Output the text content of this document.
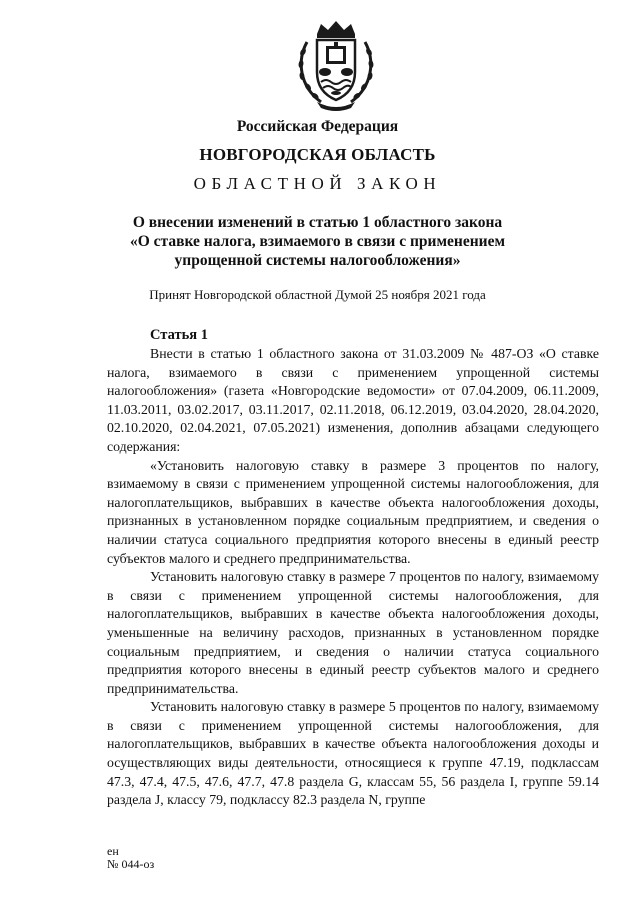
Российская Федерация
НОВГОРОДСКАЯ ОБЛАСТЬ
ОБЛАСТНОЙ ЗАКОН
О внесении изменений в статью 1 областного закона
«О ставке налога, взимаемого в связи с применением
упрощенной системы налогообложения»
Принят Новгородской областной Думой 25 ноября 2021 года
Статья 1

Внести в статью 1 областного закона от 31.03.2009 № 487-ОЗ «О ставке налога, взимаемого в связи с применением упрощенной системы налогообложения» (газета «Новгородские ведомости» от 07.04.2009, 06.11.2009, 11.03.2011, 03.02.2017, 03.11.2017, 02.11.2018, 06.12.2019, 03.04.2020, 28.04.2020, 02.10.2020, 02.04.2021, 07.05.2021) изменения, дополнив абзацами следующего содержания:

«Установить налоговую ставку в размере 3 процентов по налогу, взимаемому в связи с применением упрощенной системы налогообложения, для налогоплательщиков, выбравших в качестве объекта налогообложения доходы, признанных в установленном порядке социальным предприятием, и сведения о наличии статуса социального предприятия которого внесены в единый реестр субъектов малого и среднего предпринимательства.

Установить налоговую ставку в размере 7 процентов по налогу, взимаемому в связи с применением упрощенной системы налогообложения, для налогоплательщиков, выбравших в качестве объекта налогообложения доходы, уменьшенные на величину расходов, признанных в установленном порядке социальным предприятием, и сведения о наличии статуса социального предприятия которого внесены в единый реестр субъектов малого и среднего предпринимательства.

Установить налоговую ставку в размере 5 процентов по налогу, взимаемому в связи с применением упрощенной системы налогообложения, для налогоплательщиков, выбравших в качестве объекта налогообложения доходы и осуществляющих виды деятельности, относящиеся к группе 47.19, подклассам 47.3, 47.4, 47.5, 47.6, 47.7, 47.8 раздела G, классам 55, 56 раздела I, группе 59.14 раздела J, классу 79, подклассу 82.3 раздела N, группе

ен
№ 044-оз
